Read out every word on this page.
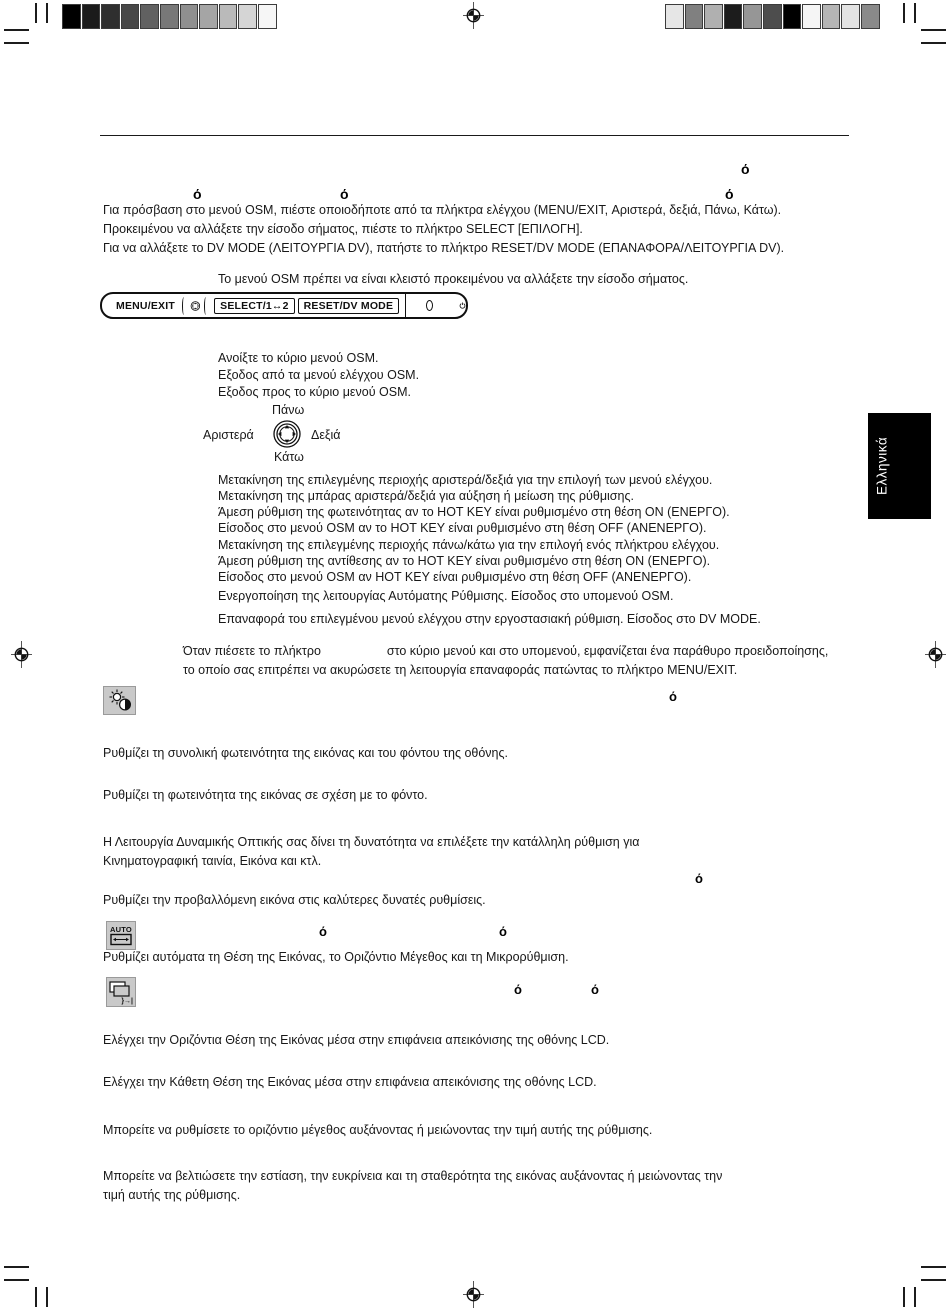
ό
ό	ό	ό
Για πρόσβαση στο μενού OSM, πιέστε οποιοδήποτε από τα πλήκτρα ελέγχου (MENU/EXIT, Αριστερά, δεξιά, Πάνω, Κάτω).
Προκειμένου να αλλάξετε την είσοδο σήματος, πιέστε το πλήκτρο SELECT [ΕΠΙΛΟΓΗ].
Για να αλλάξετε το DV MODE (ΛΕΙΤΟΥΡΓΙΑ DV), πατήστε το πλήκτρο RESET/DV MODE (ΕΠΑΝΑΦΟΡΑ/ΛΕΙΤΟΥΡΓΙΑ DV).
Το μενού OSM πρέπει να είναι κλειστό προκειμένου να αλλάξετε την είσοδο σήματος.
MENU/EXIT	SELECT/1↔2	RESET/DV MODE
Ανοίξτε το κύριο μενού OSM.
Εξοδος από τα μενού ελέγχου OSM.
Εξοδος προς το κύριο μενού OSM.
Πάνω
Αριστερά	Δεξιά
Κάτω
Μετακίνηση της επιλεγμένης περιοχής αριστερά/δεξιά για την επιλογή των μενού ελέγχου.
Μετακίνηση της μπάρας αριστερά/δεξιά για αύξηση ή μείωση της ρύθμισης.
Άμεση ρύθμιση της φωτεινότητας αν το HOT KEY είναι ρυθμισμένο στη θέση ON (ΕΝΕΡΓΟ).
Είσοδος στο μενού OSM αν το HOT KEY είναι ρυθμισμένο στη θέση OFF (ΑΝΕΝΕΡΓΟ).
Μετακίνηση της επιλεγμένης περιοχής πάνω/κάτω για την επιλογή ενός πλήκτρου ελέγχου.
Άμεση ρύθμιση της αντίθεσης αν το HOT KEY είναι ρυθμισμένο στη θέση ON (ΕΝΕΡΓΟ).
Είσοδος στο μενού OSM αν HOT KEY είναι ρυθμισμένο στη θέση OFF (ΑΝΕΝΕΡΓΟ).
Ενεργοποίηση της λειτουργίας Αυτόματης Ρύθμισης. Είσοδος στο υπομενού OSM.
Επαναφορά του επιλεγμένου μενού ελέγχου στην εργοστασιακή ρύθμιση. Είσοδος στο DV MODE.
Όταν πιέσετε το πλήκτρο	στο κύριο μενού και στο υπομενού, εμφανίζεται ένα παράθυρο προειδοποίησης,
το οποίο σας επιτρέπει να ακυρώσετε τη λειτουργία επαναφοράς πατώντας το πλήκτρο MENU/EXIT.
ό
Ρυθμίζει τη συνολική φωτεινότητα της εικόνας και του φόντου της οθόνης.
Ρυθμίζει τη φωτεινότητα της εικόνας σε σχέση με το φόντο.
Η Λειτουργία Δυναμικής Οπτικής σας δίνει τη δυνατότητα να επιλέξετε την κατάλληλη ρύθμιση για
Κινηματογραφική ταινία, Εικόνα και κτλ.
ό
Ρυθμίζει την προβαλλόμενη εικόνα στις καλύτερες δυνατές ρυθμίσεις.
AUTO	ό	ό
Ρυθμίζει αυτόματα τη Θέση της Εικόνας, το Οριζόντιο Μέγεθος και τη Μικρορύθμιση.
}→|
ό	ό
Ελέγχει την Οριζόντια Θέση της Εικόνας μέσα στην επιφάνεια απεικόνισης της οθόνης LCD.
Ελέγχει την Κάθετη Θέση της Εικόνας μέσα στην επιφάνεια απεικόνισης της οθόνης LCD.
Μπορείτε να ρυθμίσετε το οριζόντιο μέγεθος αυξάνοντας ή μειώνοντας την τιμή αυτής της ρύθμισης.
Μπορείτε να βελτιώσετε την εστίαση, την ευκρίνεια και τη σταθερότητα της εικόνας αυξάνοντας ή μειώνοντας την
τιμή αυτής της ρύθμισης.
Ελληνικά
